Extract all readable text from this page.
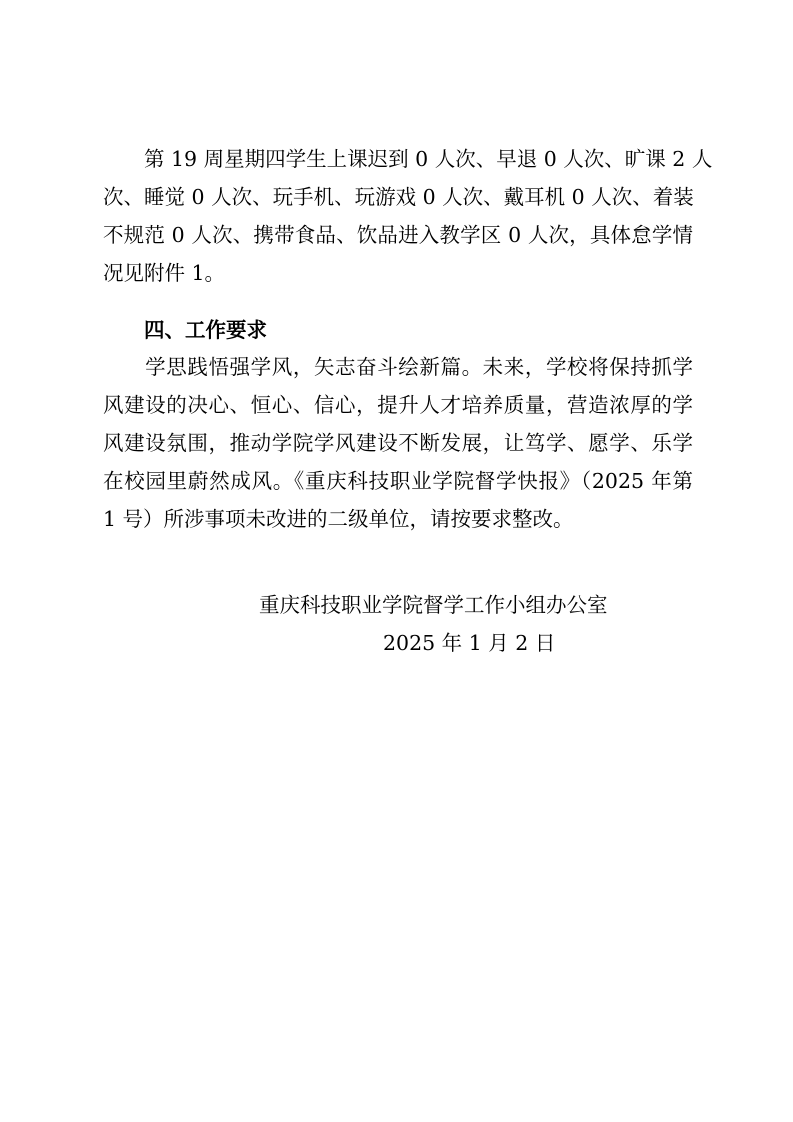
　　第 19 周星期四学生上课迟到 0 人次、早退 0 人次、旷课 2 人
次、睡觉 0 人次、玩手机、玩游戏 0 人次、戴耳机 0 人次、着装
不规范 0 人次、携带食品、饮品进入教学区 0 人次，具体怠学情
况见附件 1。
四、工作要求
　　学思践悟强学风，矢志奋斗绘新篇。未来，学校将保持抓学
风建设的决心、恒心、信心，提升人才培养质量，营造浓厚的学
风建设氛围，推动学院学风建设不断发展，让笃学、愿学、乐学
在校园里蔚然成风。《重庆科技职业学院督学快报》（2025 年第
1 号）所涉事项未改进的二级单位，请按要求整改。
重庆科技职业学院督学工作小组办公室
2025 年 1 月 2 日
